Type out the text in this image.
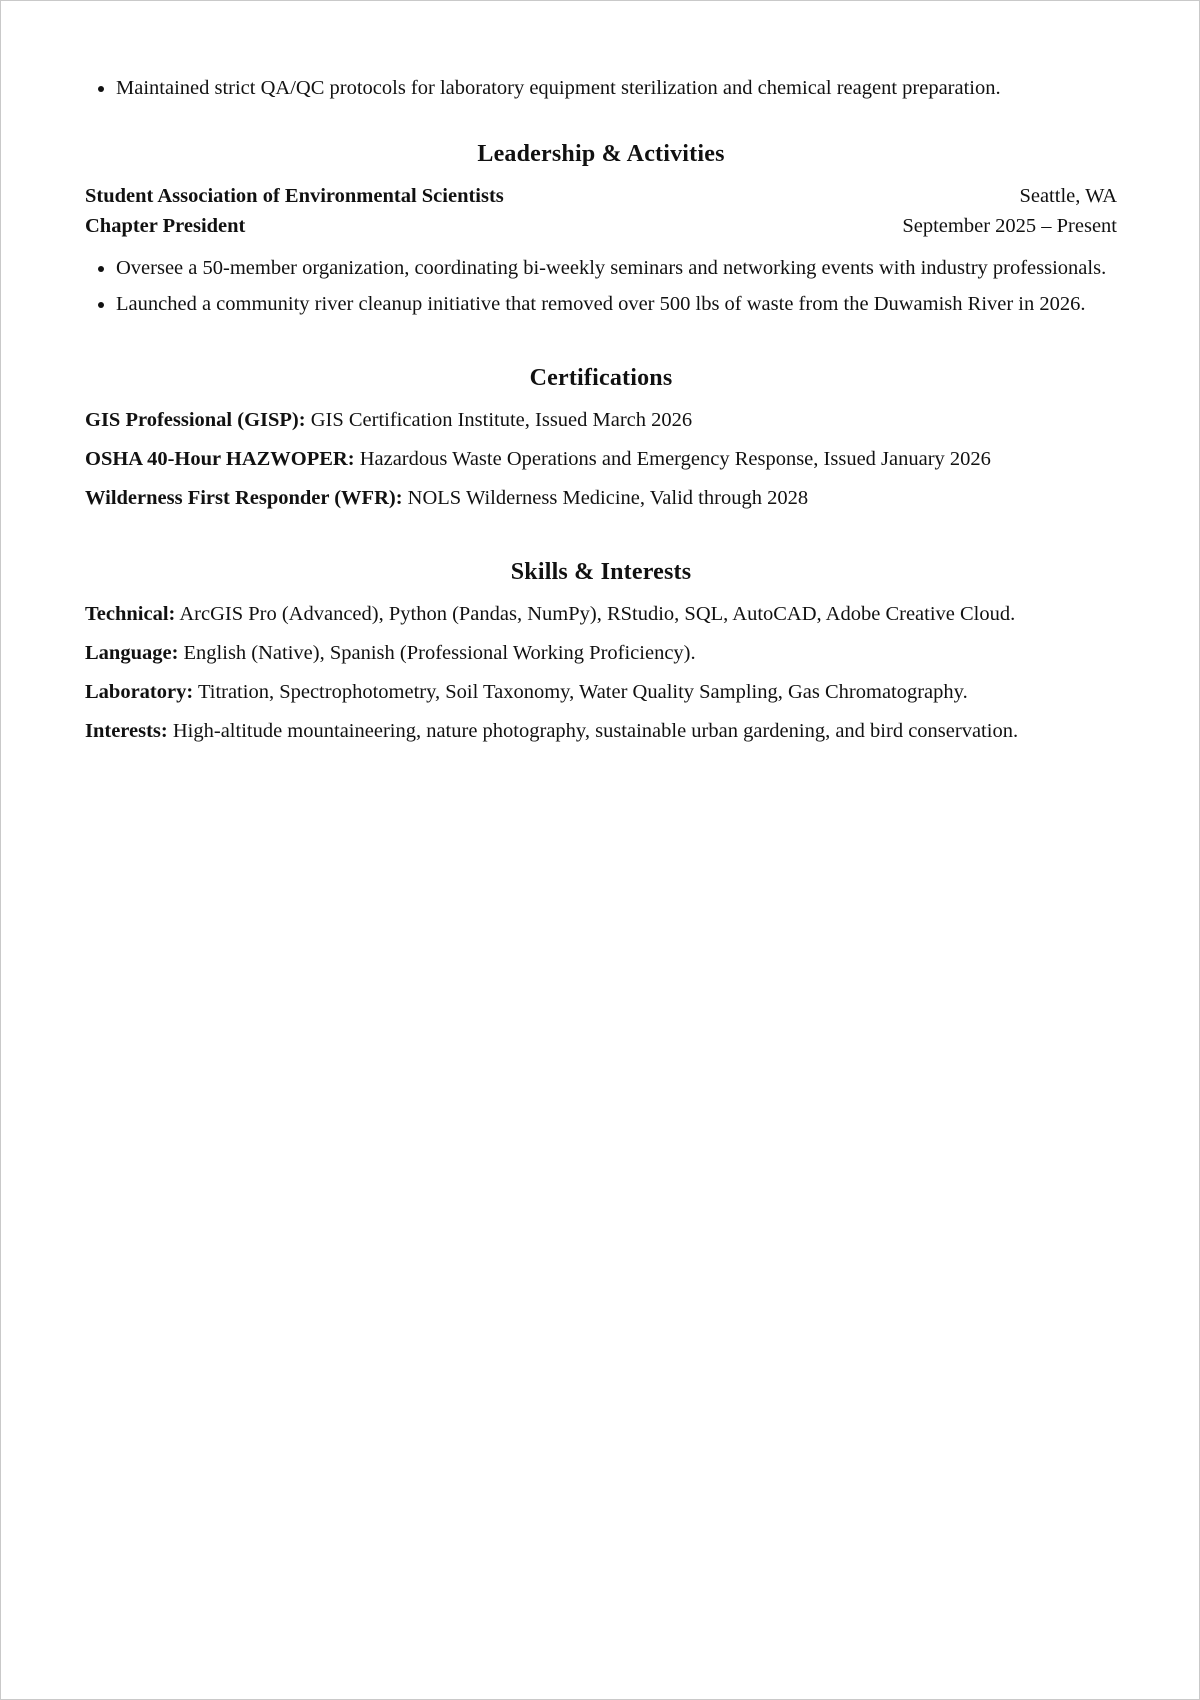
• Maintained strict QA/QC protocols for laboratory equipment sterilization and chemical reagent preparation.
Leadership & Activities
Student Association of Environmental Scientists	Seattle, WA
Chapter President	September 2025 – Present
• Oversee a 50-member organization, coordinating bi-weekly seminars and networking events with industry professionals.
• Launched a community river cleanup initiative that removed over 500 lbs of waste from the Duwamish River in 2026.
Certifications

GIS Professional (GISP): GIS Certification Institute, Issued March 2026

OSHA 40-Hour HAZWOPER: Hazardous Waste Operations and Emergency Response, Issued January 2026

Wilderness First Responder (WFR): NOLS Wilderness Medicine, Valid through 2028

Skills & Interests

Technical: ArcGIS Pro (Advanced), Python (Pandas, NumPy), RStudio, SQL, AutoCAD, Adobe Creative Cloud.

Language: English (Native), Spanish (Professional Working Proficiency).

Laboratory: Titration, Spectrophotometry, Soil Taxonomy, Water Quality Sampling, Gas Chromatography.

Interests: High-altitude mountaineering, nature photography, sustainable urban gardening, and bird conservation.
